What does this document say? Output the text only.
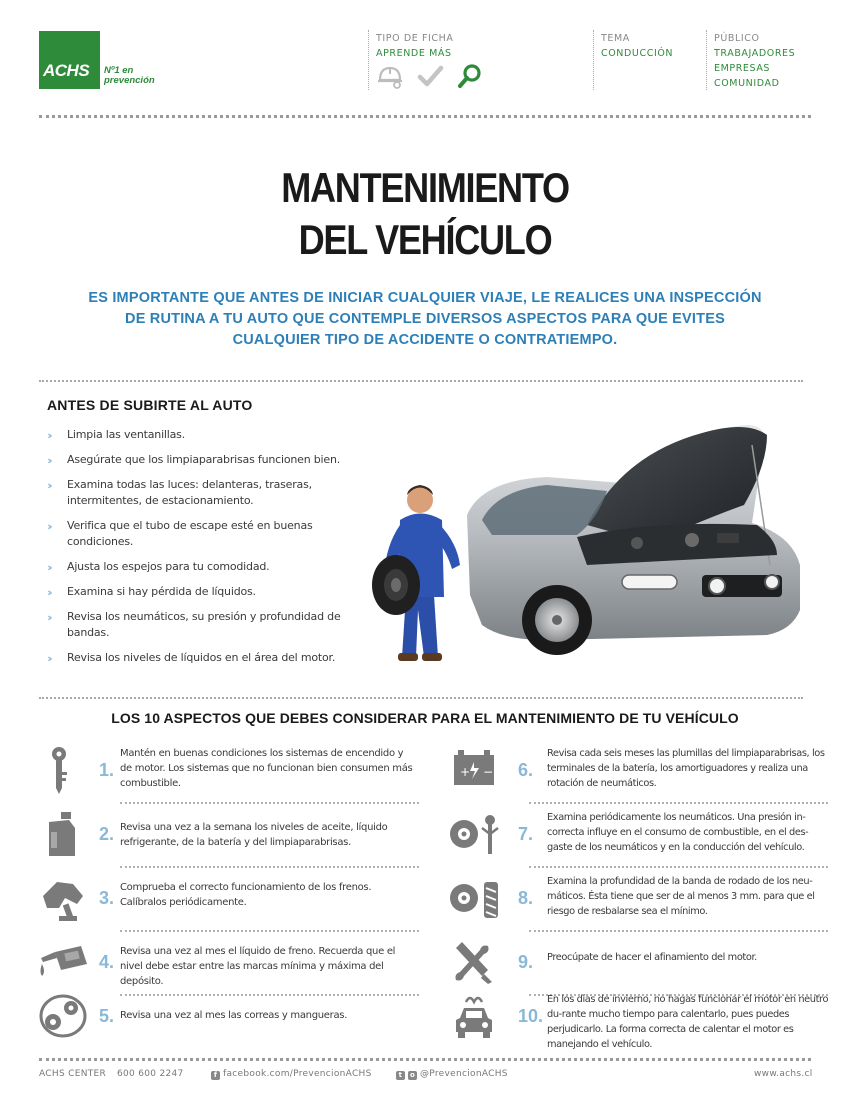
ACHS Nº1 en prevención
TIPO DE FICHA
APRENDE MÁS
TEMA
CONDUCCIÓN
PÚBLICO
TRABAJADORES
EMPRESAS
COMUNIDAD
MANTENIMIENTO
DEL VEHÍCULO

ES IMPORTANTE QUE ANTES DE INICIAR CUALQUIER VIAJE, LE REALICES UNA INSPECCIÓN DE RUTINA A TU AUTO QUE CONTEMPLE DIVERSOS ASPECTOS PARA QUE EVITES CUALQUIER TIPO DE ACCIDENTE O CONTRATIEMPO.

ANTES DE SUBIRTE AL AUTO
›› Limpia las ventanillas.
›› Asegúrate que los limpiaparabrisas funcionen bien.
›› Examina todas las luces: delanteras, traseras, intermitentes, de estacionamiento.
›› Verifica que el tubo de escape esté en buenas condiciones.
›› Ajusta los espejos para tu comodidad.
›› Examina si hay pérdida de líquidos.
›› Revisa los neumáticos, su presión y profundidad de bandas.
›› Revisa los niveles de líquidos en el área del motor.
LOS 10 ASPECTOS QUE DEBES CONSIDERAR PARA EL MANTENIMIENTO DE TU VEHÍCULO
1.

Mantén en buenas condiciones los sistemas de encendido y de motor. Los sistemas que no funcionan bien consumen más combustible.

2. Revisa una vez a la semana los niveles de aceite, líquido refrigerante, de la batería y del limpiaparabrisas.

3.

Comprueba el correcto funcionamiento de los frenos. Calíbralos periódicamente.

4.

Revisa una vez al mes el líquido de freno. Recuerda que el nivel debe estar entre las marcas mínima y máxima del depósito.

5. Revisa una vez al mes las correas y mangueras.

+ − 6.

Revisa cada seis meses las plumillas del limpiaparabrisas, los terminales de la batería, los amortiguadores y realiza una rotación de neumáticos.

7.

Examina periódicamente los neumáticos. Una presión in-correcta influye en el consumo de combustible, en el des-gaste de los neumáticos y en la conducción del vehículo.

8.

Examina la profundidad de la banda de rodado de los neu-máticos. Ésta tiene que ser de al menos 3 mm. para que el riesgo de resbalarse sea el mínimo.

9. Preocúpate de hacer el afinamiento del motor.

10.

En los días de invierno, no hagas funcionar el motor en neutro du-rante mucho tiempo para calentarlo, pues puedes perjudicarlo. La forma correcta de calentar el motor es manejando el vehículo.

ACHS CENTER 600 600 2247	f facebook.com/PrevencionACHS	t o @PrevencionACHS	www.achs.cl
